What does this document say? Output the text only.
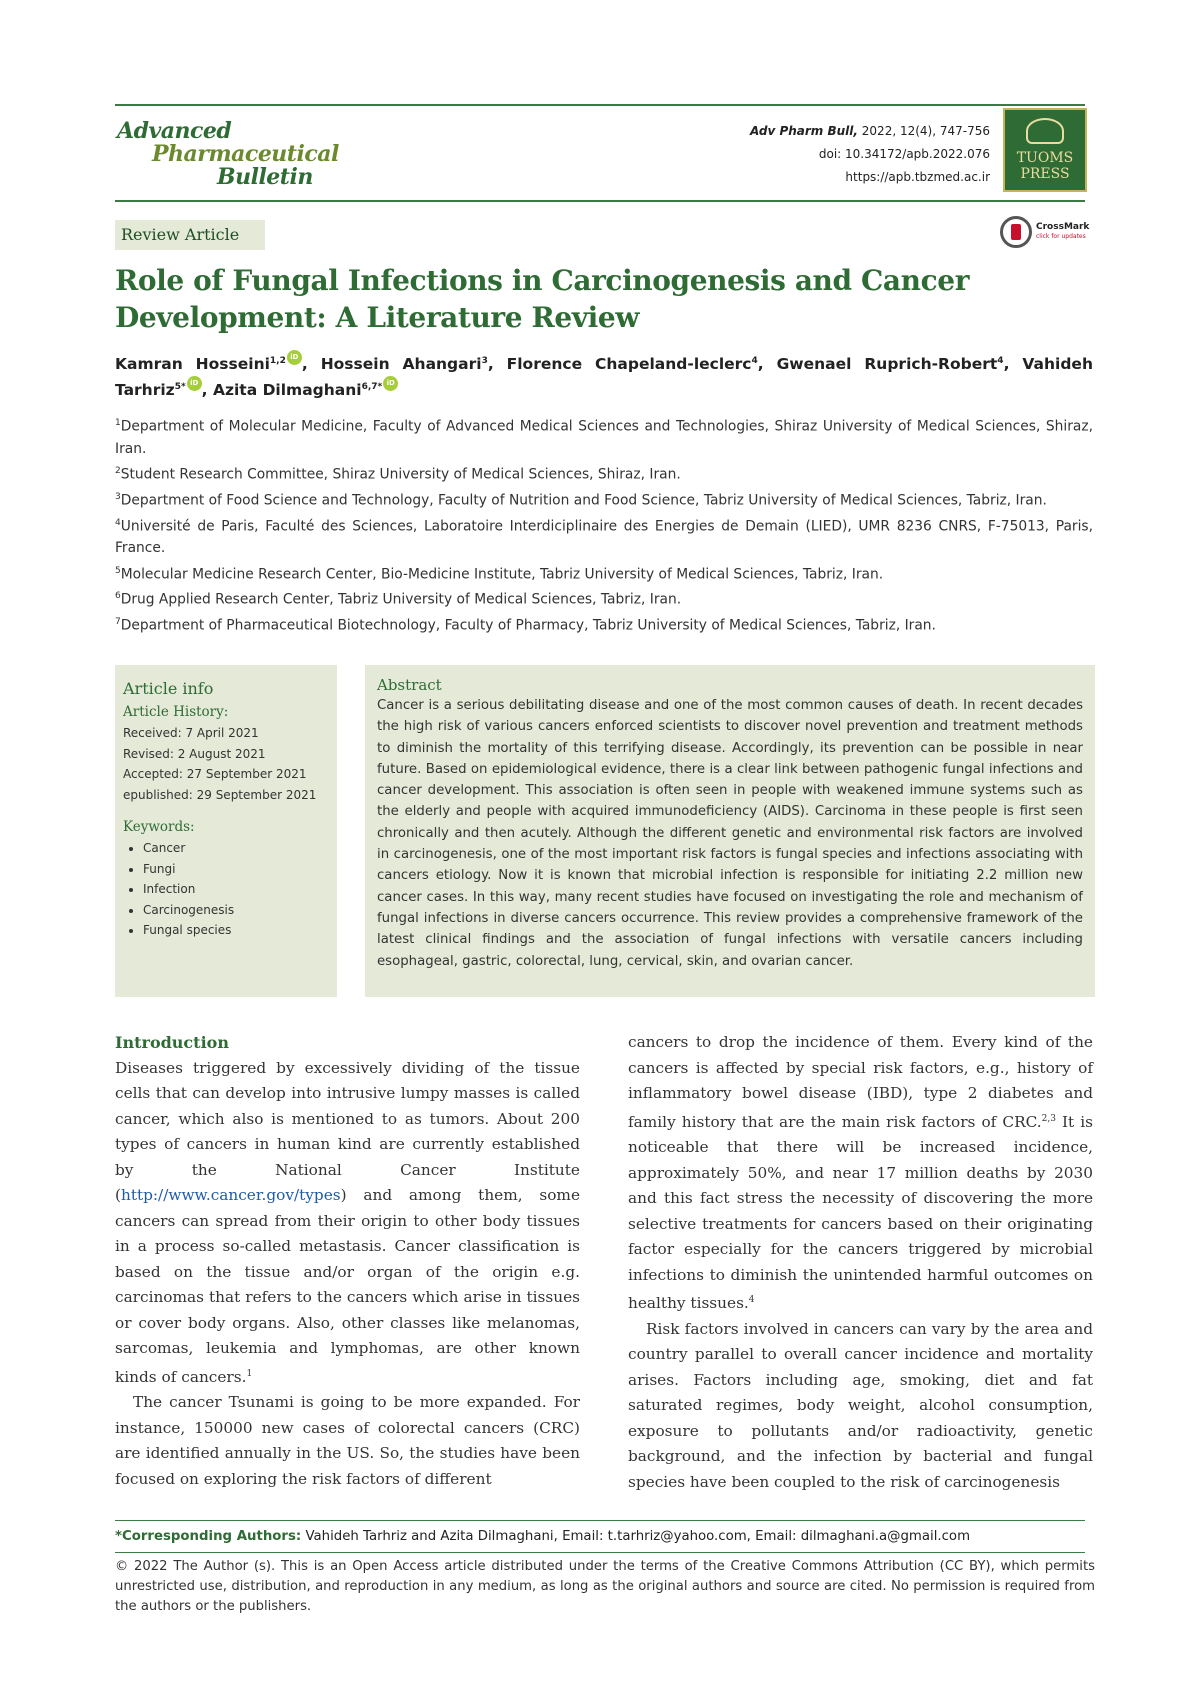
Advanced
Pharmaceutical
Bulletin
Adv Pharm Bull, 2022, 12(4), 747-756
doi: 10.34172/apb.2022.076
https://apb.tbzmed.ac.ir
TUOMS
PRESS
Review Article	CrossMark
click for updates
Role of Fungal Infections in Carcinogenesis and Cancer Development: A Literature Review
Kamran Hosseini$^{1,2}$ iD , Hossein Ahangari$^3$, Florence Chapeland-leclerc$^4$, Gwenael Ruprich-Robert$^4$, Vahideh Tarhriz$^{5*}$ iD , Azita Dilmaghani$^{6,7*}$ iD
$^1$Department of Molecular Medicine, Faculty of Advanced Medical Sciences and Technologies, Shiraz University of Medical Sciences, Shiraz, Iran.
$^2$Student Research Committee, Shiraz University of Medical Sciences, Shiraz, Iran.
$^3$Department of Food Science and Technology, Faculty of Nutrition and Food Science, Tabriz University of Medical Sciences, Tabriz, Iran.
$^4$Université de Paris, Faculté des Sciences, Laboratoire Interdiciplinaire des Energies de Demain (LIED), UMR 8236 CNRS, F-75013, Paris, France.
$^5$Molecular Medicine Research Center, Bio-Medicine Institute, Tabriz University of Medical Sciences, Tabriz, Iran.
$^6$Drug Applied Research Center, Tabriz University of Medical Sciences, Tabriz, Iran.
$^7$Department of Pharmaceutical Biotechnology, Faculty of Pharmacy, Tabriz University of Medical Sciences, Tabriz, Iran.
Article info
Article History:
Received: 7 April 2021
Revised: 2 August 2021
Accepted: 27 September 2021
epublished: 29 September 2021
Keywords:
• Cancer
• Fungi
• Infection
• Carcinogenesis
• Fungal species
Abstract
Cancer is a serious debilitating disease and one of the most common causes of death. In recent decades the high risk of various cancers enforced scientists to discover novel prevention and treatment methods to diminish the mortality of this terrifying disease. Accordingly, its prevention can be possible in near future. Based on epidemiological evidence, there is a clear link between pathogenic fungal infections and cancer development. This association is often seen in people with weakened immune systems such as the elderly and people with acquired immunodeficiency (AIDS). Carcinoma in these people is first seen chronically and then acutely. Although the different genetic and environmental risk factors are involved in carcinogenesis, one of the most important risk factors is fungal species and infections associating with cancers etiology. Now it is known that microbial infection is responsible for initiating 2.2 million new cancer cases. In this way, many recent studies have focused on investigating the role and mechanism of fungal infections in diverse cancers occurrence. This review provides a comprehensive framework of the latest clinical findings and the association of fungal infections with versatile cancers including esophageal, gastric, colorectal, lung, cervical, skin, and ovarian cancer.
Introduction

Diseases triggered by excessively dividing of the tissue cells that can develop into intrusive lumpy masses is called cancer, which also is mentioned to as tumors. About 200 types of cancers in human kind are currently established by the National Cancer Institute (http://www.cancer.gov/types) and among them, some cancers can spread from their origin to other body tissues in a process so-called metastasis. Cancer classification is based on the tissue and/or organ of the origin e.g. carcinomas that refers to the cancers which arise in tissues or cover body organs. Also, other classes like melanomas, sarcomas, leukemia and lymphomas, are other known kinds of cancers.$^1$

The cancer Tsunami is going to be more expanded. For instance, 150000 new cases of colorectal cancers (CRC) are identified annually in the US. So, the studies have been focused on exploring the risk factors of different

cancers to drop the incidence of them. Every kind of the cancers is affected by special risk factors, e.g., history of inflammatory bowel disease (IBD), type 2 diabetes and family history that are the main risk factors of CRC.$^{2,3}$ It is noticeable that there will be increased incidence, approximately 50%, and near 17 million deaths by 2030 and this fact stress the necessity of discovering the more selective treatments for cancers based on their originating factor especially for the cancers triggered by microbial infections to diminish the unintended harmful outcomes on healthy tissues.$^4$

Risk factors involved in cancers can vary by the area and country parallel to overall cancer incidence and mortality arises. Factors including age, smoking, diet and fat saturated regimes, body weight, alcohol consumption, exposure to pollutants and/or radioactivity, genetic background, and the infection by bacterial and fungal species have been coupled to the risk of carcinogenesis

*Corresponding Authors: Vahideh Tarhriz and Azita Dilmaghani, Email: t.tarhriz@yahoo.com, Email: dilmaghani.a@gmail.com
© 2022 The Author (s). This is an Open Access article distributed under the terms of the Creative Commons Attribution (CC BY), which permits unrestricted use, distribution, and reproduction in any medium, as long as the original authors and source are cited. No permission is required from the authors or the publishers.
